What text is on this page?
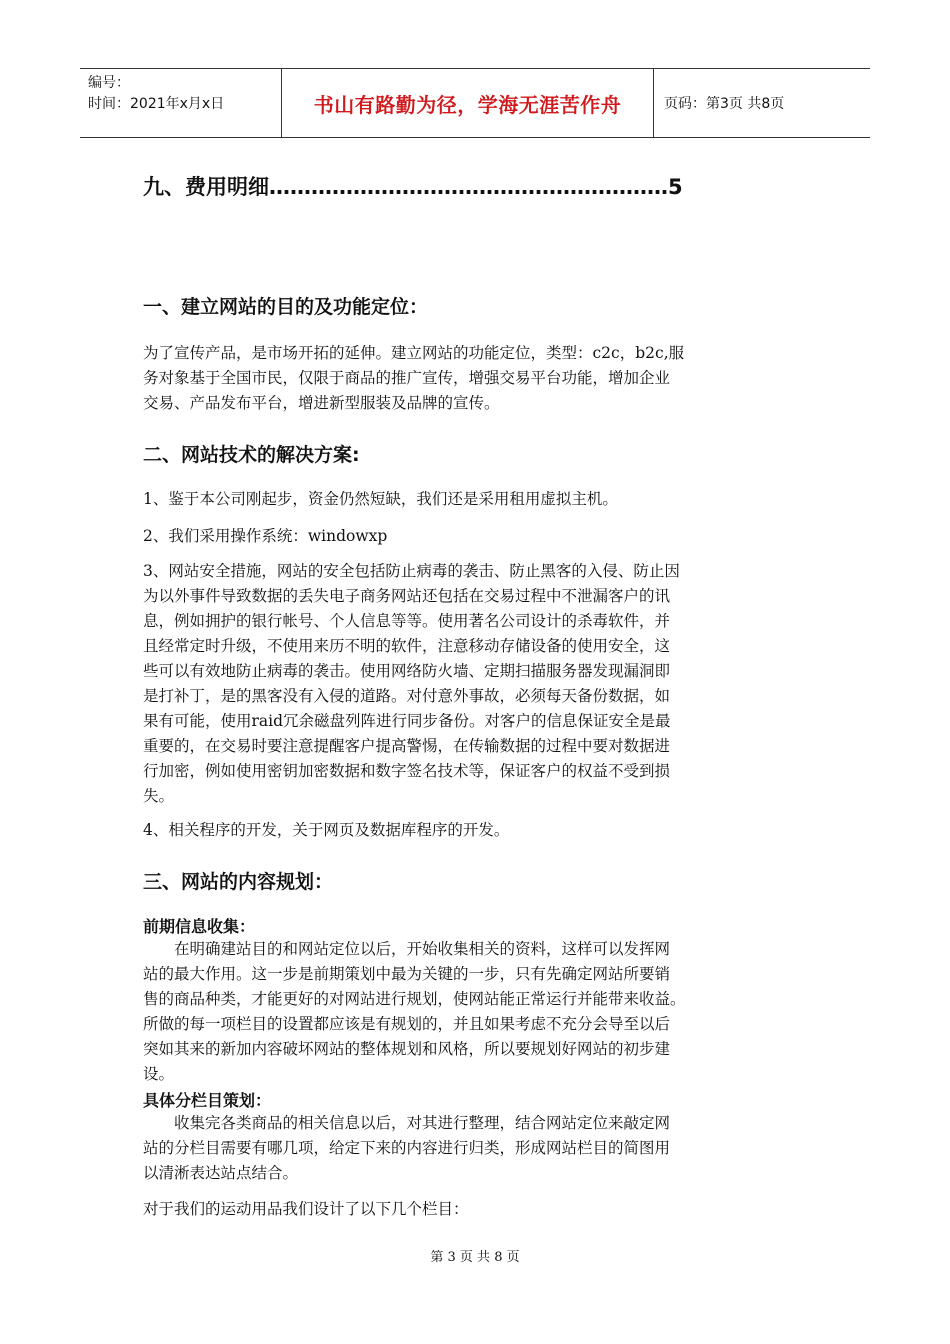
编号：
时间：2021年x月x日	书山有路勤为径，学海无涯苦作舟	页码：第3页 共8页
九、费用明细…………………………………………………5
一、建立网站的目的及功能定位：
为了宣传产品，是市场开拓的延伸。建立网站的功能定位，类型：c2c，b2c,服
务对象基于全国市民，仅限于商品的推广宣传，增强交易平台功能，增加企业
交易、产品发布平台，增进新型服装及品牌的宣传。
二、网站技术的解决方案:
1、鉴于本公司刚起步，资金仍然短缺，我们还是采用租用虚拟主机。
2、我们采用操作系统：windowxp
3、网站安全措施，网站的安全包括防止病毒的袭击、防止黑客的入侵、防止因
为以外事件导致数据的丢失电子商务网站还包括在交易过程中不泄漏客户的讯
息，例如拥护的银行帐号、个人信息等等。使用著名公司设计的杀毒软件，并
且经常定时升级，不使用来历不明的软件，注意移动存储设备的使用安全，这
些可以有效地防止病毒的袭击。使用网络防火墙、定期扫描服务器发现漏洞即
是打补丁，是的黑客没有入侵的道路。对付意外事故，必须每天备份数据，如
果有可能，使用raid冗余磁盘列阵进行同步备份。对客户的信息保证安全是最
重要的，在交易时要注意提醒客户提高警惕，在传输数据的过程中要对数据进
行加密，例如使用密钥加密数据和数字签名技术等，保证客户的权益不受到损
失。
4、相关程序的开发，关于网页及数据库程序的开发。
三、网站的内容规划：
前期信息收集：
在明确建站目的和网站定位以后，开始收集相关的资料，这样可以发挥网
站的最大作用。这一步是前期策划中最为关键的一步，只有先确定网站所要销
售的商品种类，才能更好的对网站进行规划，使网站能正常运行并能带来收益。
所做的每一项栏目的设置都应该是有规划的，并且如果考虑不充分会导至以后
突如其来的新加内容破坏网站的整体规划和风格，所以要规划好网站的初步建
设。
具体分栏目策划：
收集完各类商品的相关信息以后，对其进行整理，结合网站定位来敲定网
站的分栏目需要有哪几项，给定下来的内容进行归类，形成网站栏目的简图用
以清淅表达站点结合。
对于我们的运动用品我们设计了以下几个栏目：
第 3 页 共 8 页
